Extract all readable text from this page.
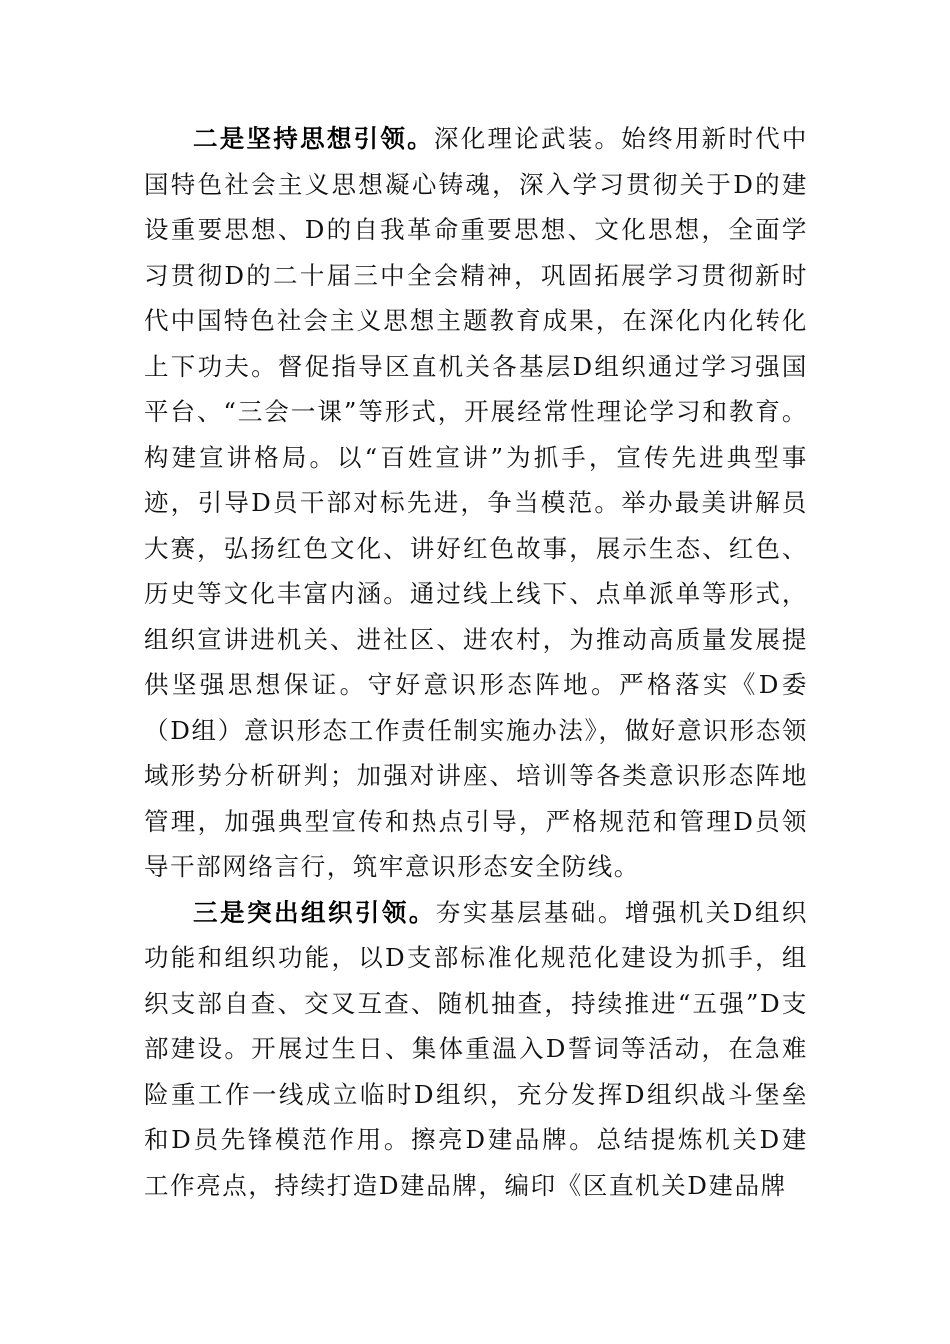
二是坚持思想引领。深化理论武装。始终用新时代中国特色社会主义思想凝心铸魂，深入学习贯彻关于D的建设重要思想、D的自我革命重要思想、文化思想，全面学习贯彻D的二十届三中全会精神，巩固拓展学习贯彻新时代中国特色社会主义思想主题教育成果，在深化内化转化上下功夫。督促指导区直机关各基层D组织通过学习强国平台、“三会一课”等形式，开展经常性理论学习和教育。构建宣讲格局。以“百姓宣讲”为抓手，宣传先进典型事迹，引导D员干部对标先进，争当模范。举办最美讲解员大赛，弘扬红色文化、讲好红色故事，展示生态、红色、历史等文化丰富内涵。通过线上线下、点单派单等形式，组织宣讲进机关、进社区、进农村，为推动高质量发展提供坚强思想保证。守好意识形态阵地。严格落实《D委（D组）意识形态工作责任制实施办法》，做好意识形态领域形势分析研判；加强对讲座、培训等各类意识形态阵地管理，加强典型宣传和热点引导，严格规范和管理D员领导干部网络言行，筑牢意识形态安全防线。

三是突出组织引领。夯实基层基础。增强机关D组织功能和组织功能，以D支部标准化规范化建设为抓手，组织支部自查、交叉互查、随机抽查，持续推进“五强”D支部建设。开展过生日、集体重温入D誓词等活动，在急难险重工作一线成立临时D组织，充分发挥D组织战斗堡垒和D员先锋模范作用。擦亮D建品牌。总结提炼机关D建工作亮点，持续打造D建品牌，编印《区直机关D建品牌
